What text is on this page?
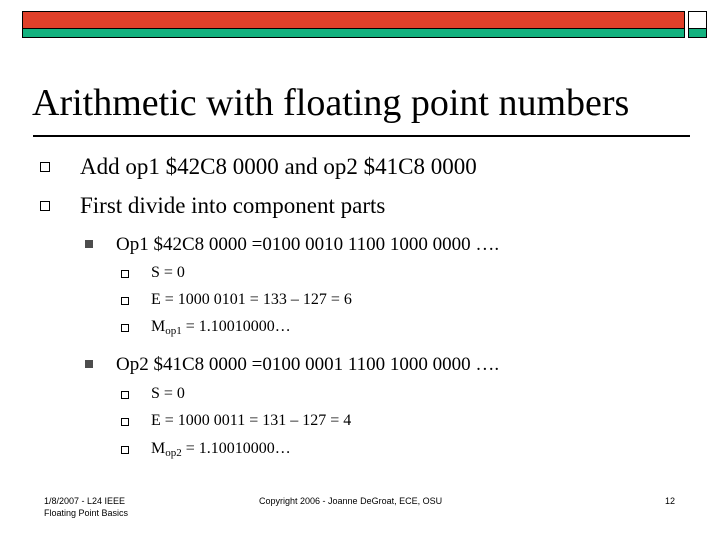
Arithmetic with floating point numbers
Add op1 $42C8 0000 and op2 $41C8 0000
First divide into component parts
Op1 $42C8 0000 =0100 0010 1100 1000 0000 ….
S = 0
E = 1000 0101 = 133 – 127 = 6
$M_{op1}$ = 1.10010000…
Op2 $41C8 0000 =0100 0001 1100 1000 0000 ….
S = 0
E = 1000 0011 = 131 – 127 = 4
$M_{op2}$ = 1.10010000…
1/8/2007 - L24 IEEE
Floating Point Basics
Copyright 2006 - Joanne DeGroat, ECE, OSU	12
